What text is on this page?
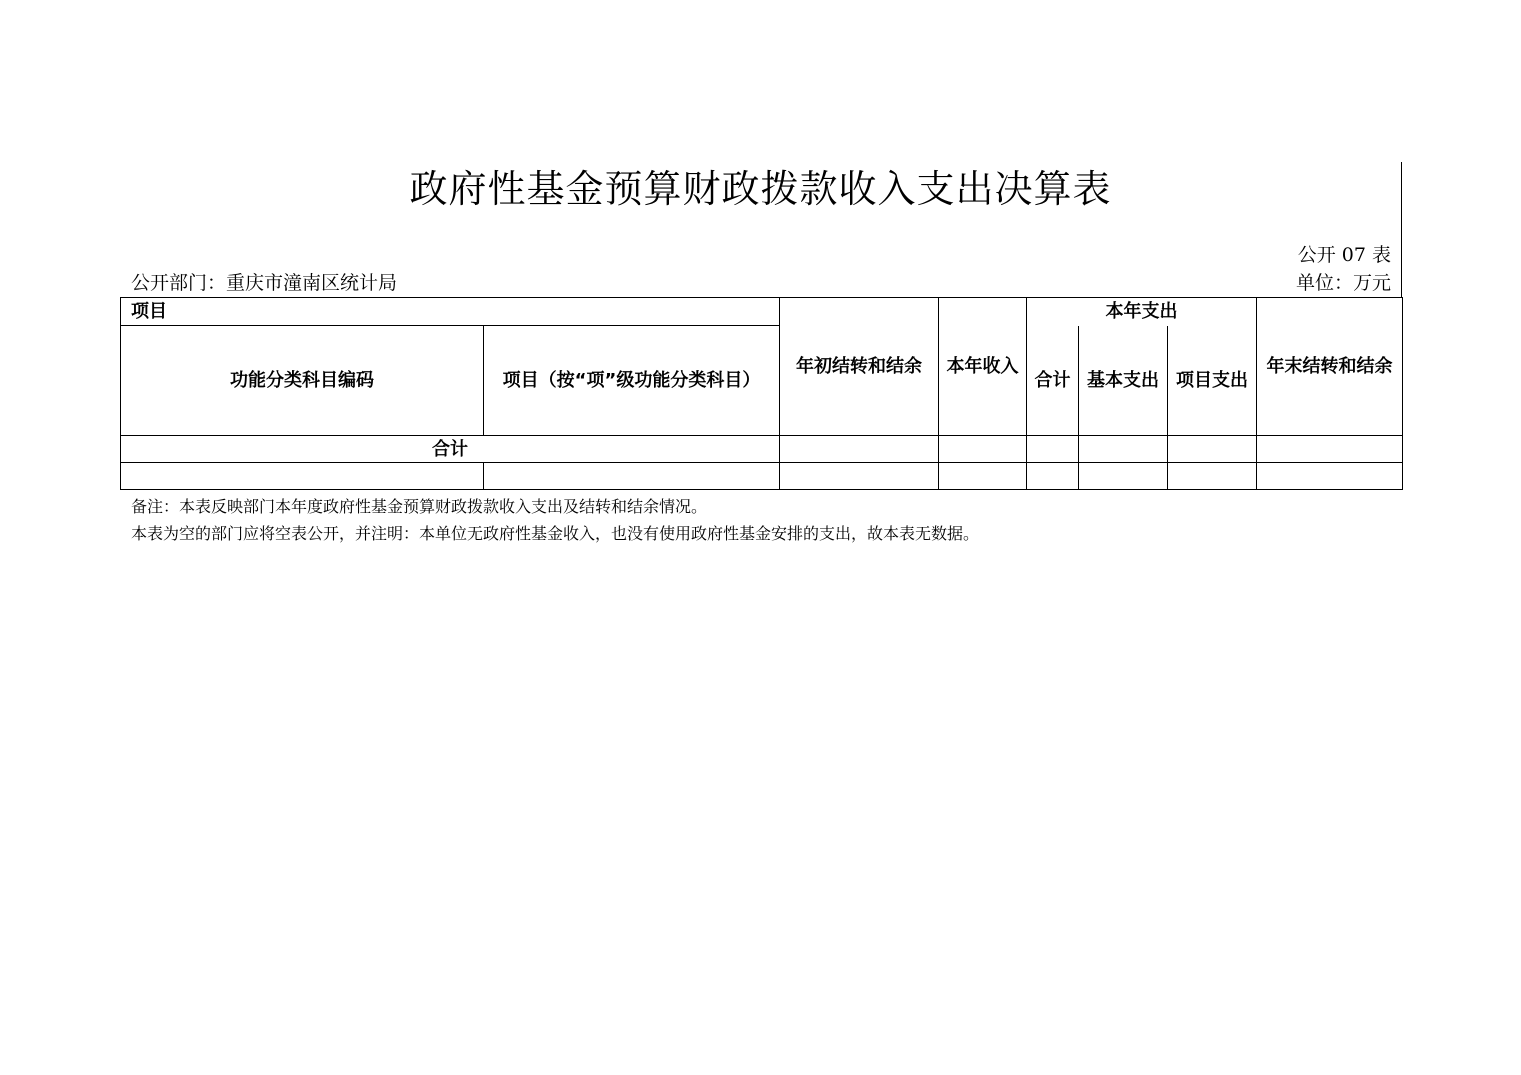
政府性基金预算财政拨款收入支出决算表
公开 07 表
公开部门：重庆市潼南区统计局	单位：万元
项目		年初结转和结余	本年收入	本年支出			年末结转和结余
功能分类科目编码	项目（按“项”级功能分类科目）			合计	基本支出	项目支出	
合计							

备注：本表反映部门本年度政府性基金预算财政拨款收入支出及结转和结余情况。
本表为空的部门应将空表公开，并注明：本单位无政府性基金收入，也没有使用政府性基金安排的支出，故本表无数据。
